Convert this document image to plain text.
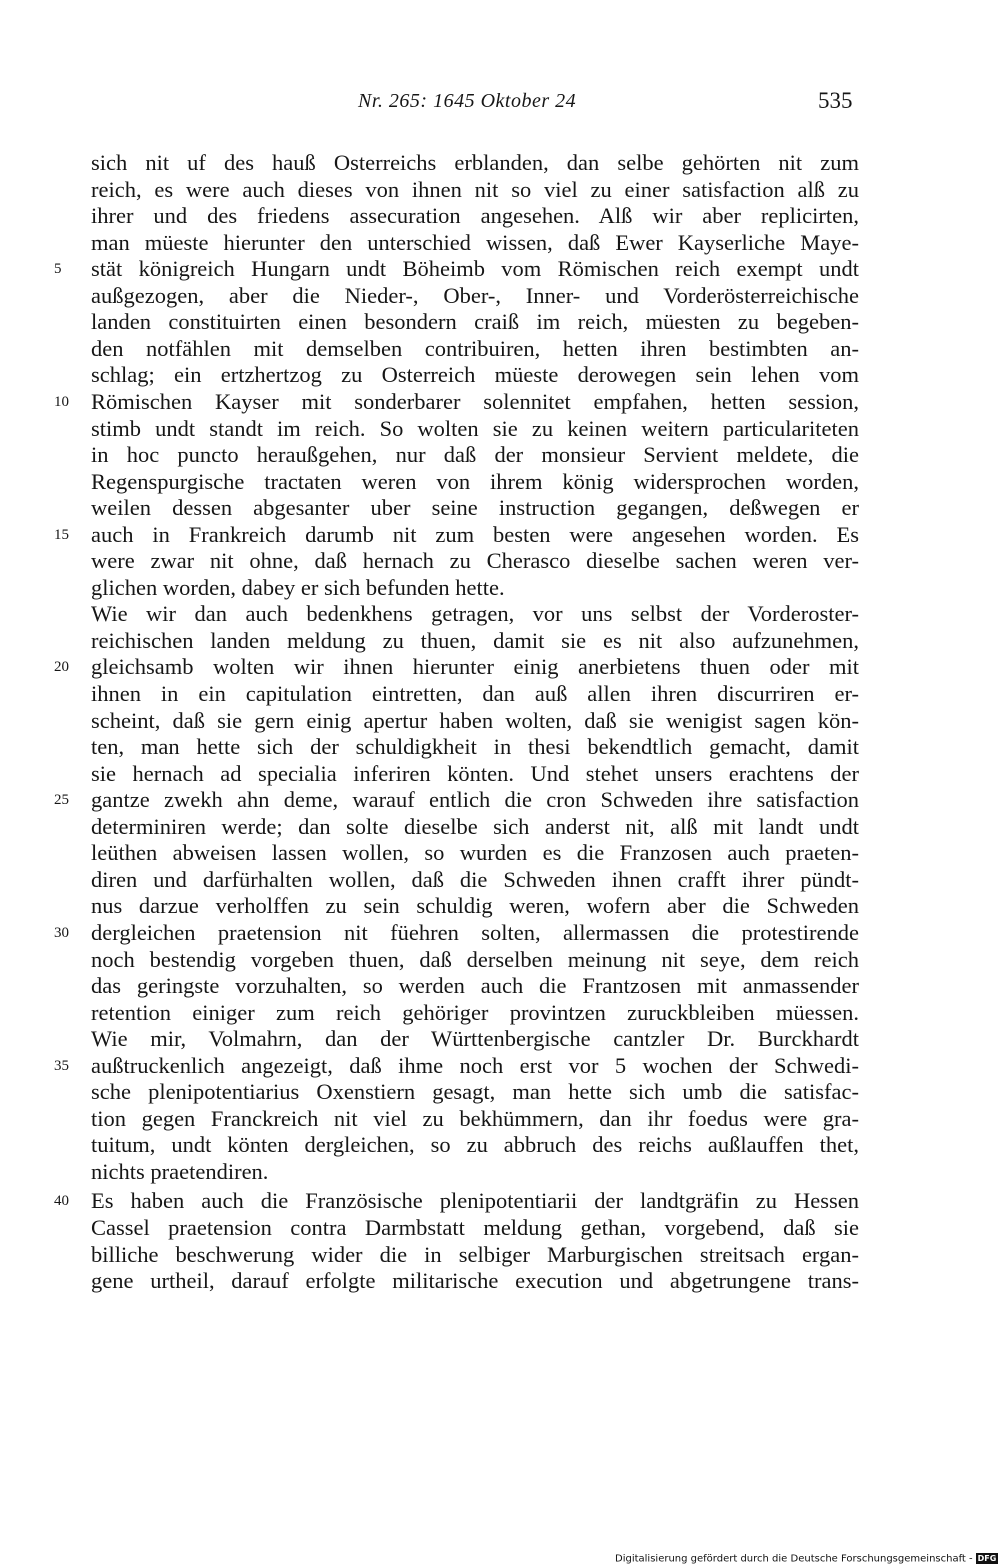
Nr. 265: 1645 Oktober 24	535
sich nit uf des hauß Osterreichs erblanden, dan selbe gehörten nit zum
reich, es were auch dieses von ihnen nit so viel zu einer satisfaction alß zu
ihrer und des friedens assecuration angesehen. Alß wir aber replicirten,
man müeste hierunter den unterschied wissen, daß Ewer Kayserliche Maye-
stät königreich Hungarn undt Böheimb vom Römischen reich exempt undt
5
außgezogen, aber die Nieder-, Ober-, Inner- und Vorderösterreichische
landen constituirten einen besondern craiß im reich, müesten zu begeben-
den notfählen mit demselben contribuiren, hetten ihren bestimbten an-
schlag; ein ertzhertzog zu Osterreich müeste derowegen sein lehen vom
Römischen Kayser mit sonderbarer solennitet empfahen, hetten session,
10
stimb undt standt im reich. So wolten sie zu keinen weitern particulariteten
in hoc puncto heraußgehen, nur daß der monsieur Servient meldete, die
Regenspurgische tractaten weren von ihrem könig widersprochen worden,
weilen dessen abgesanter uber seine instruction gegangen, deßwegen er
auch in Frankreich darumb nit zum besten were angesehen worden. Es
15
were zwar nit ohne, daß hernach zu Cherasco dieselbe sachen weren ver-
glichen worden, dabey er sich befunden hette.
Wie wir dan auch bedenkhens getragen, vor uns selbst der Vorderoster-
reichischen landen meldung zu thuen, damit sie es nit also aufzunehmen,
gleichsamb wolten wir ihnen hierunter einig anerbietens thuen oder mit
20
ihnen in ein capitulation eintretten, dan auß allen ihren discurriren er-
scheint, daß sie gern einig apertur haben wolten, daß sie wenigist sagen kön-
ten, man hette sich der schuldigkheit in thesi bekendtlich gemacht, damit
sie hernach ad specialia inferiren könten. Und stehet unsers erachtens der
gantze zwekh ahn deme, warauf entlich die cron Schweden ihre satisfaction
25
determiniren werde; dan solte dieselbe sich anderst nit, alß mit landt undt
leüthen abweisen lassen wollen, so wurden es die Franzosen auch praeten-
diren und darfürhalten wollen, daß die Schweden ihnen crafft ihrer pündt-
nus darzue verholffen zu sein schuldig weren, wofern aber die Schweden
dergleichen praetension nit füehren solten, allermassen die protestirende
30
noch bestendig vorgeben thuen, daß derselben meinung nit seye, dem reich
das geringste vorzuhalten, so werden auch die Frantzosen mit anmassender
retention einiger zum reich gehöriger provintzen zuruckbleiben müessen.
Wie mir, Volmahrn, dan der Württenbergische cantzler Dr. Burckhardt
außtruckenlich angezeigt, daß ihme noch erst vor 5 wochen der Schwedi-
35
sche plenipotentiarius Oxenstiern gesagt, man hette sich umb die satisfac-
tion gegen Franckreich nit viel zu bekhümmern, dan ihr foedus were gra-
tuitum, undt könten dergleichen, so zu abbruch des reichs außlauffen thet,
nichts praetendiren.
Es haben auch die Französische plenipotentiarii der landtgräfin zu Hessen
40
Cassel praetension contra Darmbstatt meldung gethan, vorgebend, daß sie
billiche beschwerung wider die in selbiger Marburgischen streitsach ergan-
gene urtheil, darauf erfolgte militarische execution und abgetrungene trans-
Digitalisierung gefördert durch die Deutsche Forschungsgemeinschaft - DFG
